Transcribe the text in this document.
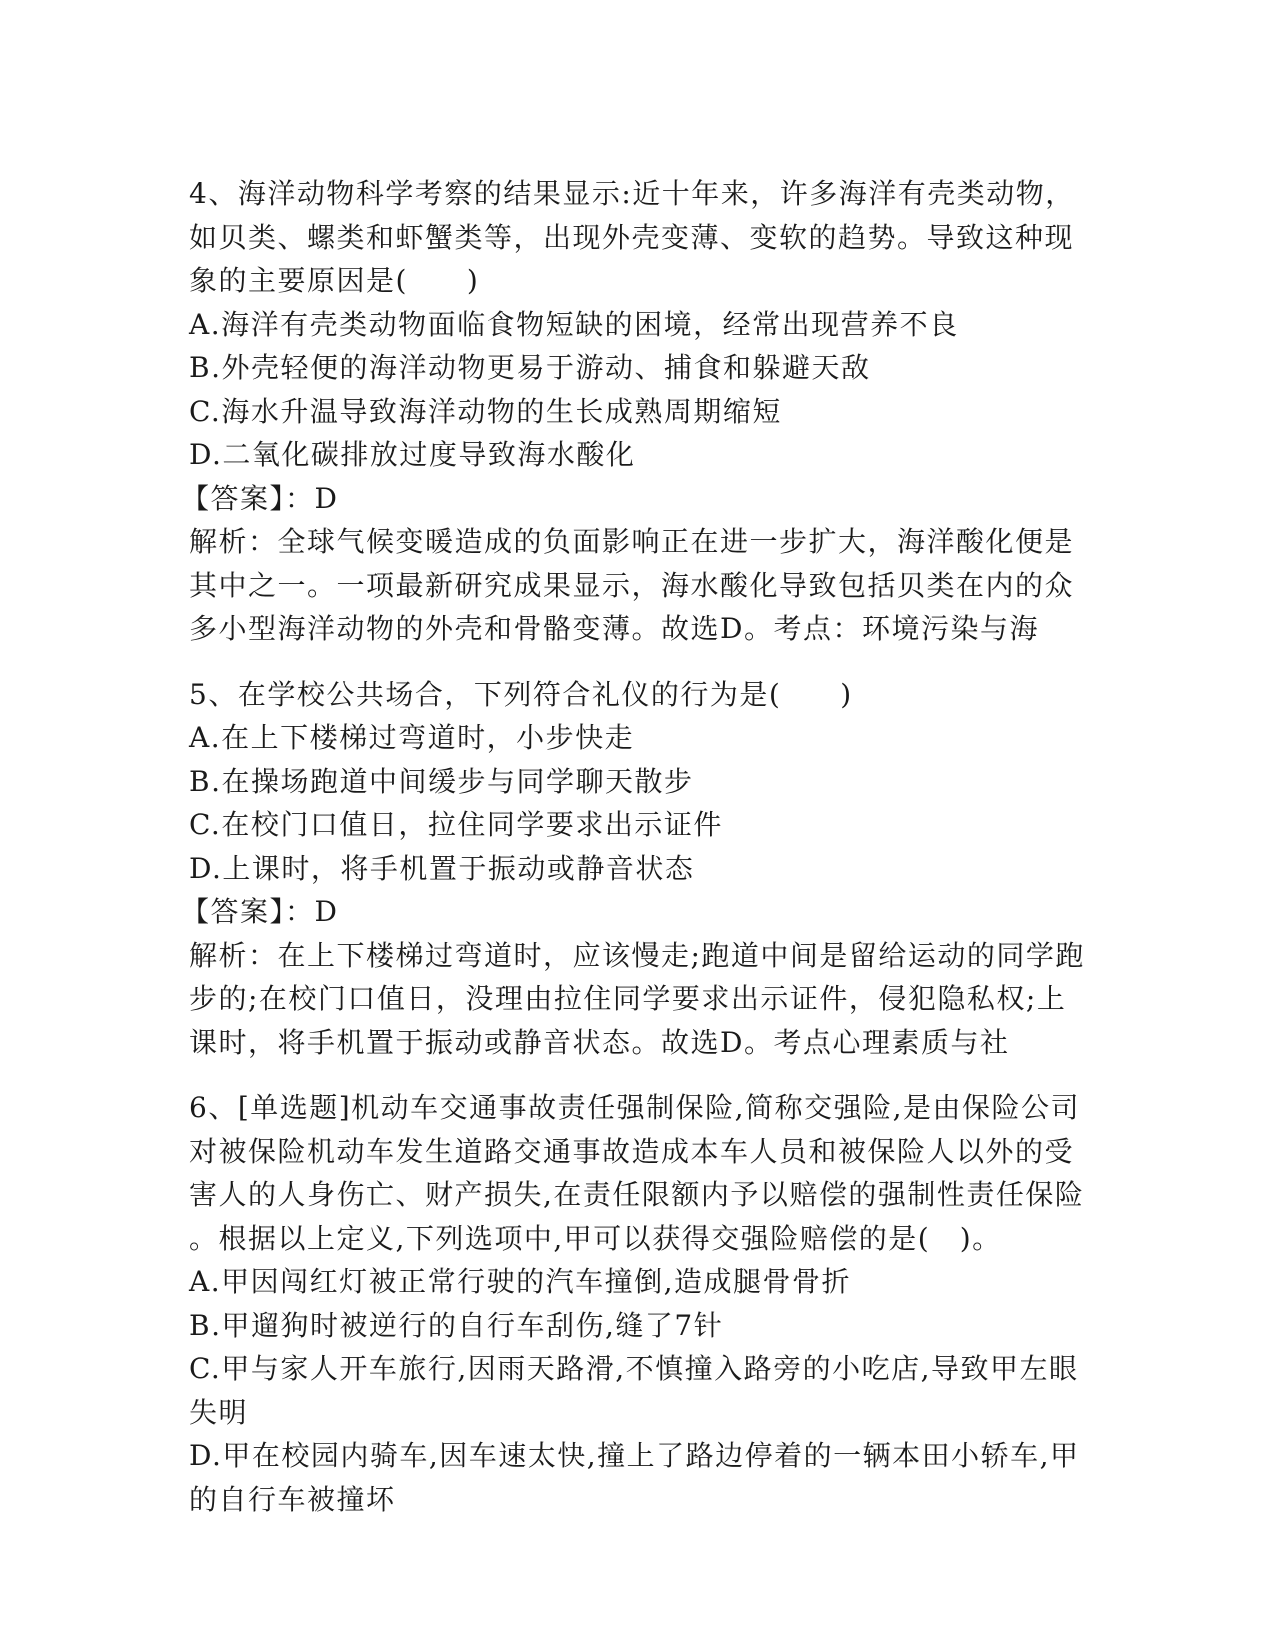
4、海洋动物科学考察的结果显示:近十年来，许多海洋有壳类动物，
如贝类、螺类和虾蟹类等，出现外壳变薄、变软的趋势。导致这种现
象的主要原因是(　　)
A.海洋有壳类动物面临食物短缺的困境，经常出现营养不良
B.外壳轻便的海洋动物更易于游动、捕食和躲避天敌
C.海水升温导致海洋动物的生长成熟周期缩短
D.二氧化碳排放过度导致海水酸化
【答案】：D
解析：全球气候变暖造成的负面影响正在进一步扩大，海洋酸化便是
其中之一。一项最新研究成果显示，海水酸化导致包括贝类在内的众
多小型海洋动物的外壳和骨骼变薄。故选D。考点：环境污染与海
5、在学校公共场合，下列符合礼仪的行为是(　　)
A.在上下楼梯过弯道时，小步快走
B.在操场跑道中间缓步与同学聊天散步
C.在校门口值日，拉住同学要求出示证件
D.上课时，将手机置于振动或静音状态
【答案】：D
解析：在上下楼梯过弯道时，应该慢走;跑道中间是留给运动的同学跑
步的;在校门口值日，没理由拉住同学要求出示证件，侵犯隐私权;上
课时，将手机置于振动或静音状态。故选D。考点心理素质与社
6、[单选题]机动车交通事故责任强制保险,简称交强险,是由保险公司
对被保险机动车发生道路交通事故造成本车人员和被保险人以外的受
害人的人身伤亡、财产损失,在责任限额内予以赔偿的强制性责任保险
。根据以上定义,下列选项中,甲可以获得交强险赔偿的是(　)。
A.甲因闯红灯被正常行驶的汽车撞倒,造成腿骨骨折
B.甲遛狗时被逆行的自行车刮伤,缝了7针
C.甲与家人开车旅行,因雨天路滑,不慎撞入路旁的小吃店,导致甲左眼
失明
D.甲在校园内骑车,因车速太快,撞上了路边停着的一辆本田小轿车,甲
的自行车被撞坏
